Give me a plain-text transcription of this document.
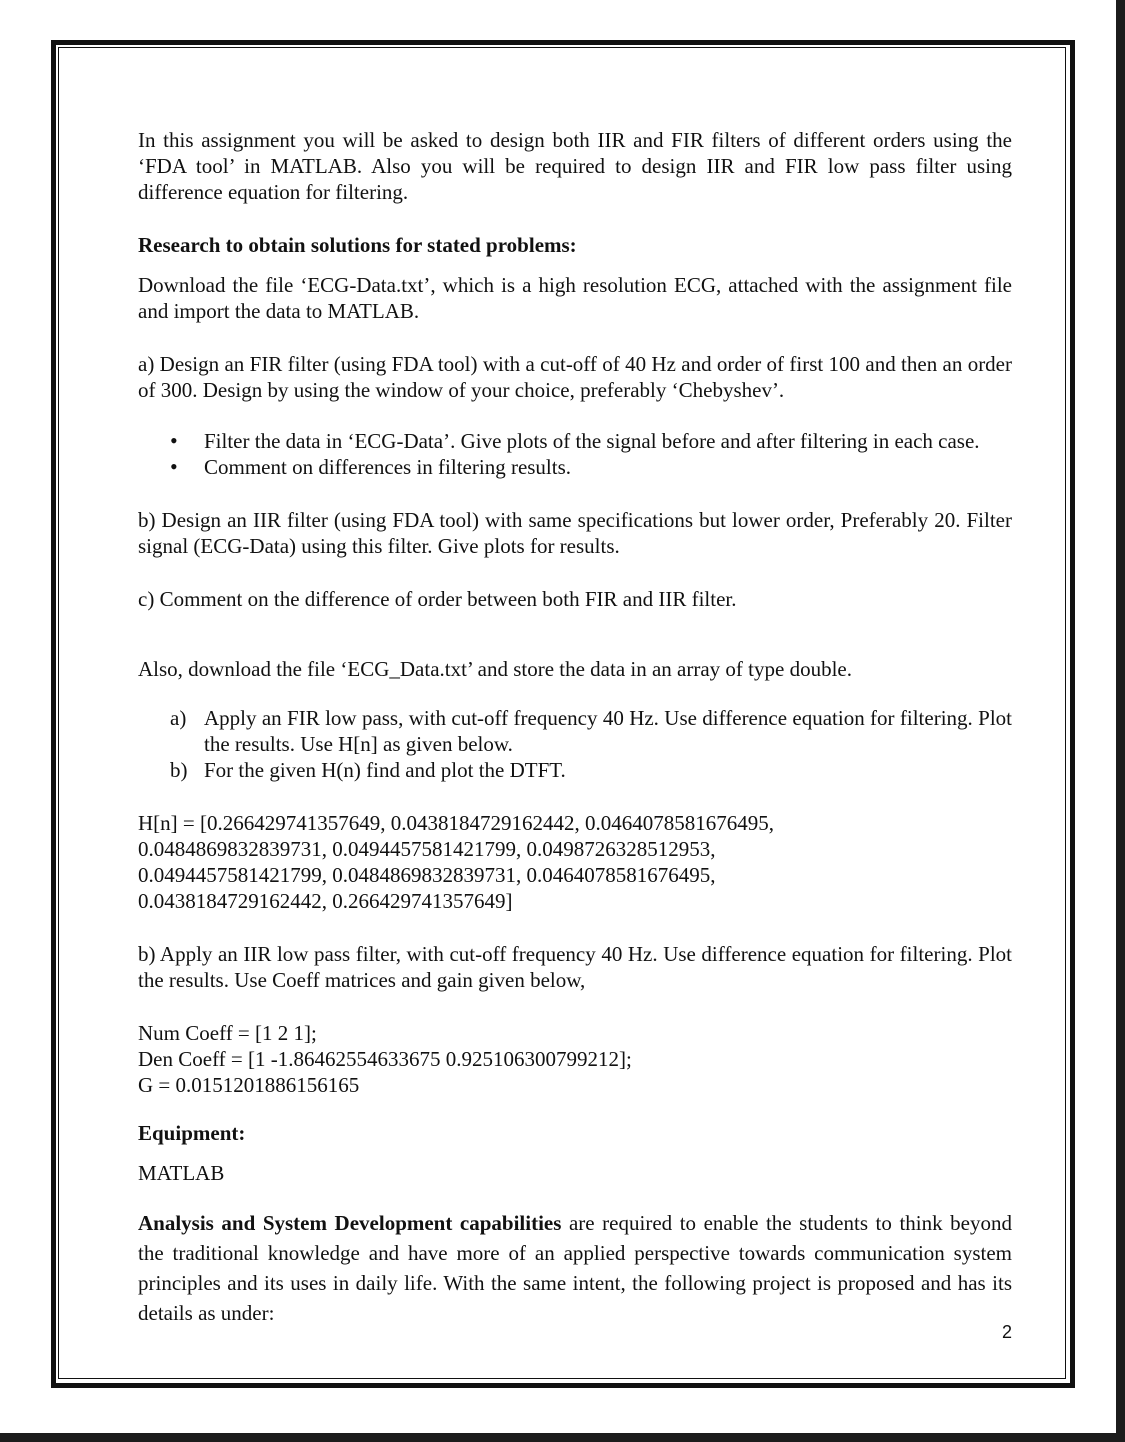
In this assignment you will be asked to design both IIR and FIR filters of different orders using the ‘FDA tool’ in MATLAB. Also you will be required to design IIR and FIR low pass filter using difference equation for filtering.

Research to obtain solutions for stated problems:

Download the file ‘ECG-Data.txt’, which is a high resolution ECG, attached with the assignment file and import the data to MATLAB.

a) Design an FIR filter (using FDA tool) with a cut-off of 40 Hz and order of first 100 and then an order of 300. Design by using the window of your choice, preferably ‘Chebyshev’.

• Filter the data in ‘ECG-Data’. Give plots of the signal before and after filtering in each case.
• Comment on differences in filtering results.

b) Design an IIR filter (using FDA tool) with same specifications but lower order, Preferably 20. Filter signal (ECG-Data) using this filter. Give plots for results.

c) Comment on the difference of order between both FIR and IIR filter.

Also, download the file ‘ECG_Data.txt’ and store the data in an array of type double.

a) Apply an FIR low pass, with cut-off frequency 40 Hz. Use difference equation for filtering. Plot the results. Use H[n] as given below.
b) For the given H(n) find and plot the DTFT.
H[n] = [0.266429741357649, 0.0438184729162442, 0.0464078581676495,
0.0484869832839731, 0.0494457581421799, 0.0498726328512953,
0.0494457581421799, 0.0484869832839731, 0.0464078581676495,
0.0438184729162442, 0.266429741357649]

b) Apply an IIR low pass filter, with cut-off frequency 40 Hz. Use difference equation for filtering. Plot the results. Use Coeff matrices and gain given below,

Num Coeff = [1 2 1];
Den Coeff = [1 -1.86462554633675 0.925106300799212];
G = 0.0151201886156165

Equipment:

MATLAB

Analysis and System Development capabilities are required to enable the students to think beyond the traditional knowledge and have more of an applied perspective towards communication system principles and its uses in daily life. With the same intent, the following project is proposed and has its details as under:

2
